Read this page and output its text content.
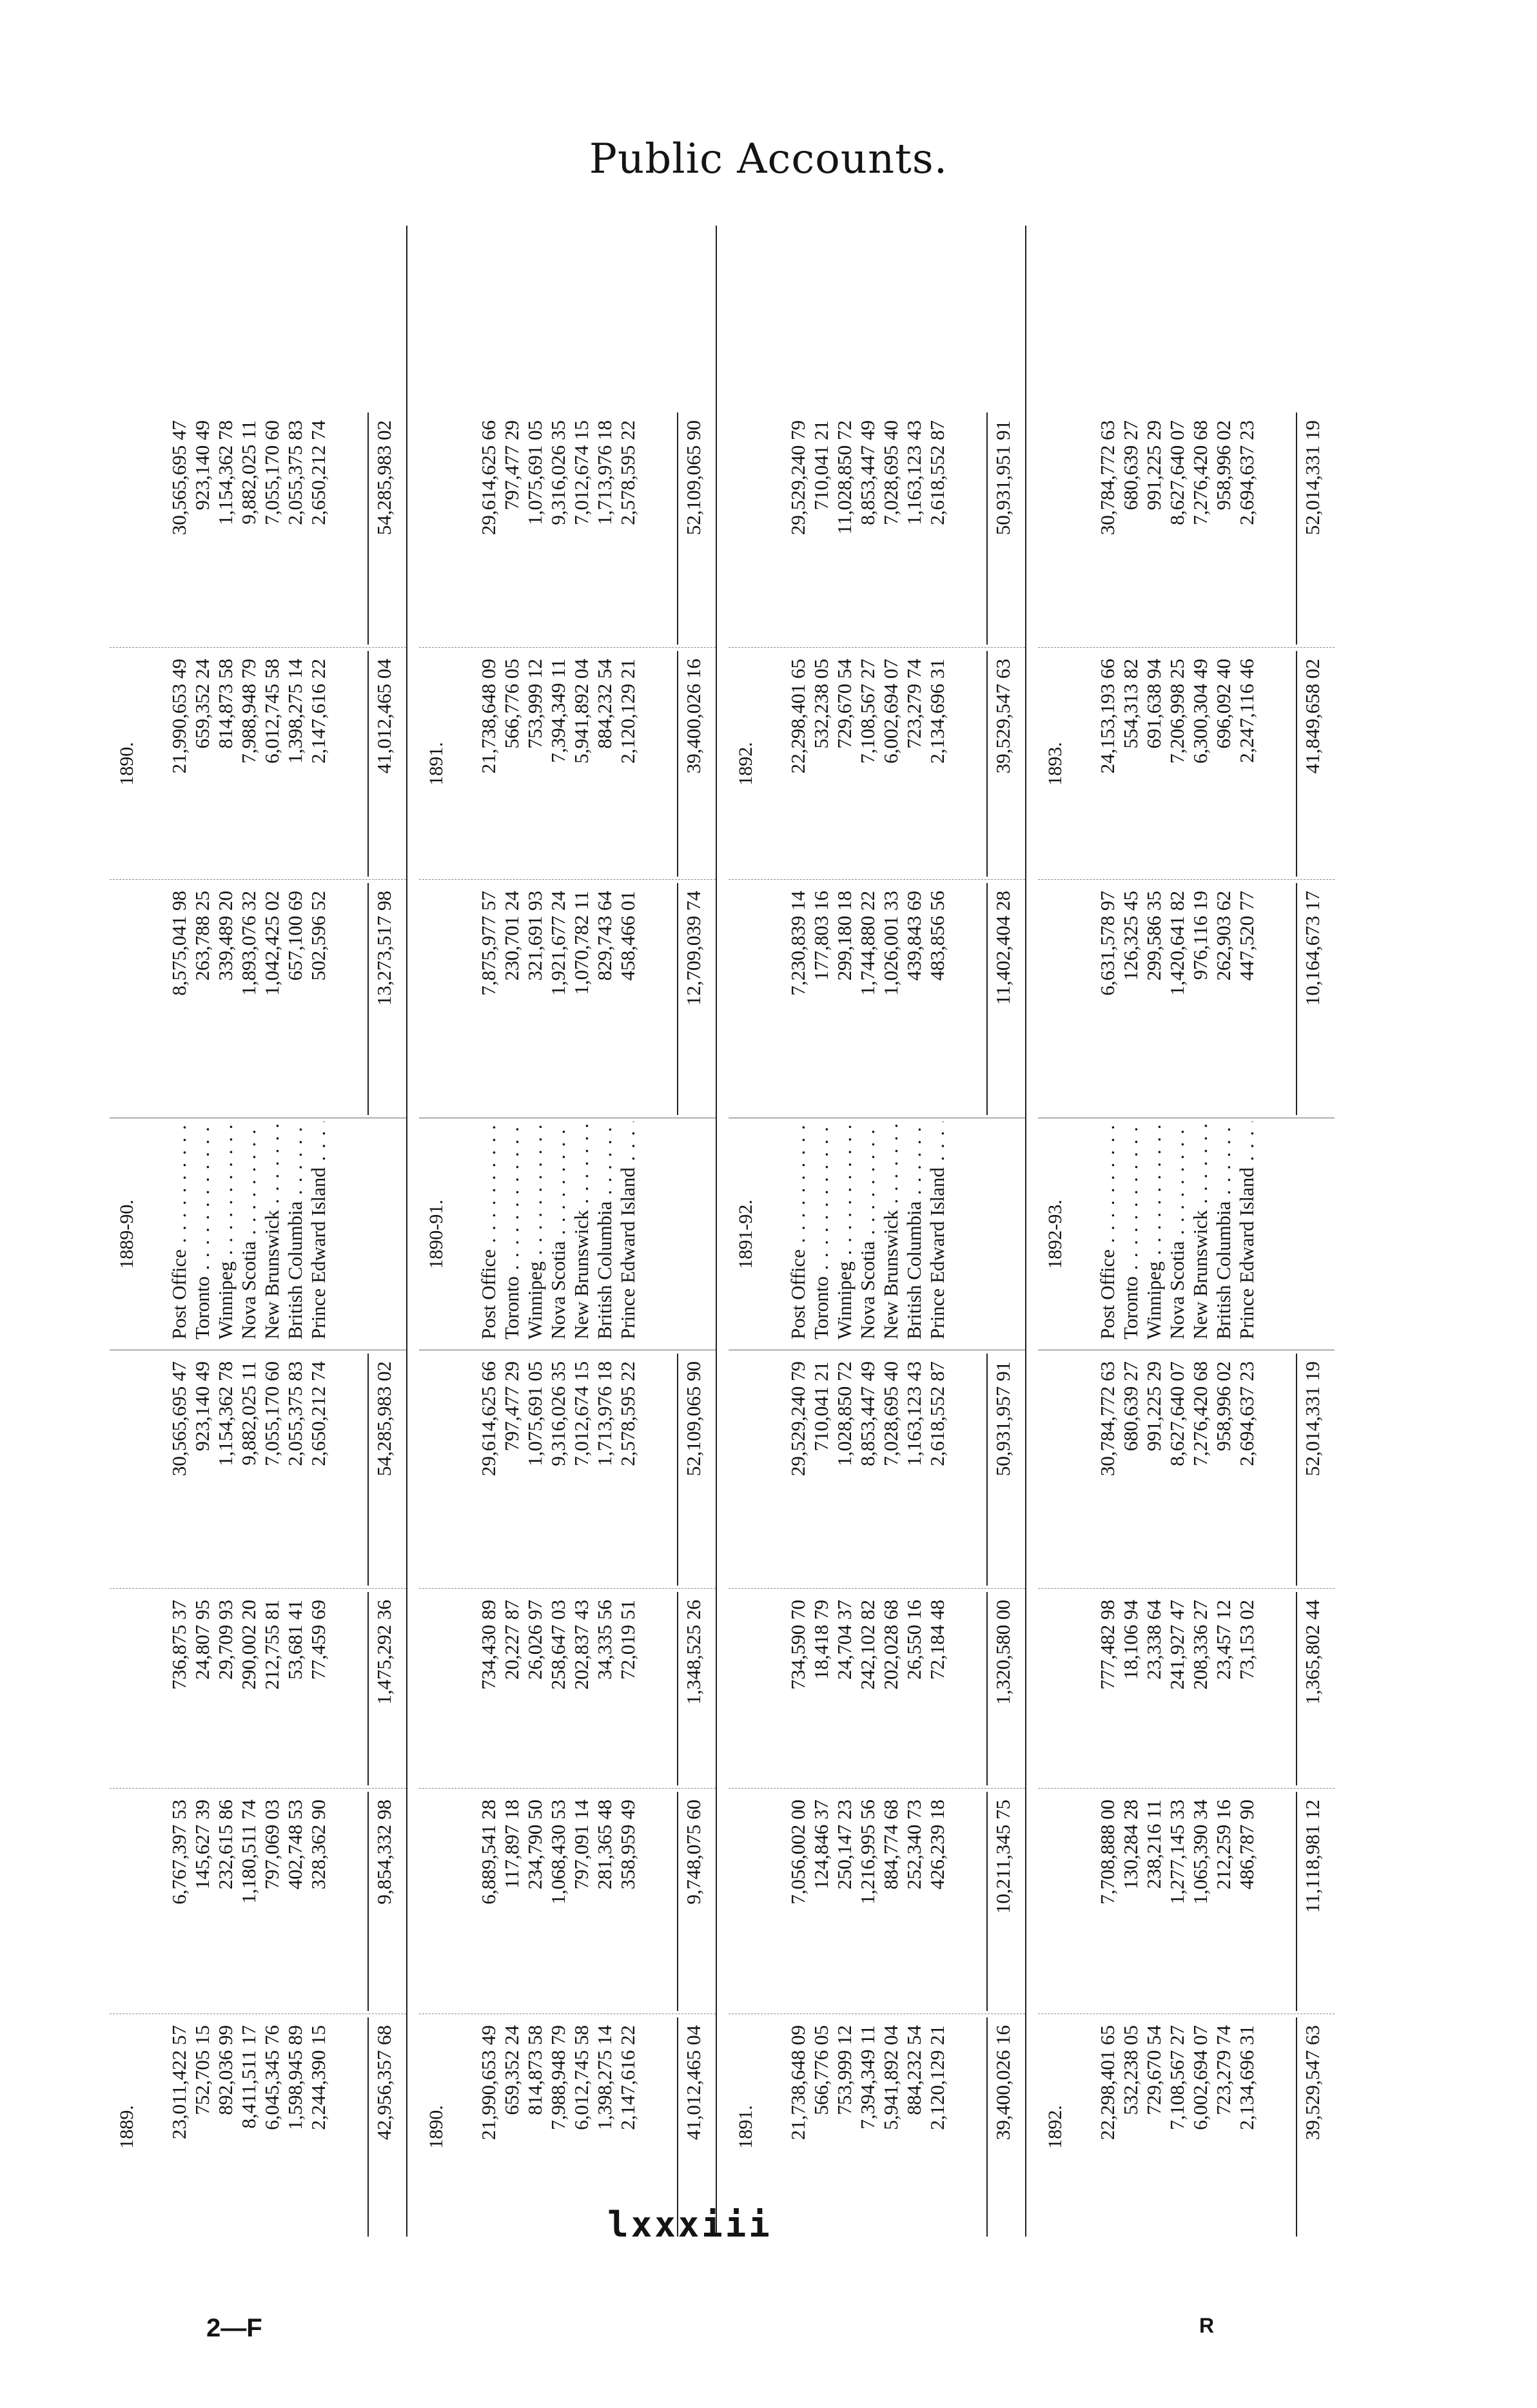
Public Accounts.
1889. 23,011,422 57 752,705 15 892,036 99 8,411,511 17 6,045,345 76 1,598,945 89 2,244,390 15 42,956,357 68
6,767,397 53 145,627 39 232,615 86 1,180,511 74 797,069 03 402,748 53 328,362 90 9,854,332 98
736,875 37 24,807 95 29,709 93 290,002 20 212,755 81 53,681 41 77,459 69 1,475,292 36
30,565,695 47 923,140 49 1,154,362 78 9,882,025 11 7,055,170 60 2,055,375 83 2,650,212 74 54,285,983 02
1889-90.
Post Office . . . Toronto . . . Winnipeg . . . Nova Scotia . . . New Brunswick . . . British Columbia . . . Prince Edward Island . . .
8,575,041 98 263,788 25 339,489 20 1,893,076 32 1,042,425 02 657,100 69 502,596 52 13,273,517 98
1890. 21,990,653 49 659,352 24 814,873 58 7,988,948 79 6,012,745 58 1,398,275 14 2,147,616 22 41,012,465 04
30,565,695 47 923,140 49 1,154,362 78 9,882,025 11 7,055,170 60 2,055,375 83 2,650,212 74 54,285,983 02
1890. 21,990,653 49 659,352 24 814,873 58 7,988,948 79 6,012,745 58 1,398,275 14 2,147,616 22 41,012,465 04
6,889,541 28 117,897 18 234,790 50 1,068,430 53 797,091 14 281,365 48 358,959 49 9,748,075 60
734,430 89 20,227 87 26,026 97 258,647 03 202,837 43 34,335 56 72,019 51 1,348,525 26
29,614,625 66 797,477 29 1,075,691 05 9,316,026 35 7,012,674 15 1,713,976 18 2,578,595 22 52,109,065 90
1890-91.
Post Office . . . Toronto . . . Winnipeg . . . Nova Scotia . . . New Brunswick . . . British Columbia . . . Prince Edward Island . . .
7,875,977 57 230,701 24 321,691 93 1,921,677 24 1,070,782 11 829,743 64 458,466 01 12,709,039 74
1891. 21,738,648 09 566,776 05 753,999 12 7,394,349 11 5,941,892 04 884,232 54 2,120,129 21 39,400,026 16
29,614,625 66 797,477 29 1,075,691 05 9,316,026 35 7,012,674 15 1,713,976 18 2,578,595 22 52,109,065 90
1891. 21,738,648 09 566,776 05 753,999 12 7,394,349 11 5,941,892 04 884,232 54 2,120,129 21 39,400,026 16
7,056,002 00 124,846 37 250,147 23 1,216,995 56 884,774 68 252,340 73 426,239 18 10,211,345 75
734,590 70 18,418 79 24,704 37 242,102 82 202,028 68 26,550 16 72,184 48 1,320,580 00
29,529,240 79 710,041 21 1,028,850 72 8,853,447 49 7,028,695 40 1,163,123 43 2,618,552 87 50,931,957 91
1891-92.
Post Office . . . Toronto . . . Winnipeg . . . Nova Scotia . . . New Brunswick . . . British Columbia . . . Prince Edward Island . . .
7,230,839 14 177,803 16 299,180 18 1,744,880 22 1,026,001 33 439,843 69 483,856 56 11,402,404 28
1892. 22,298,401 65 532,238 05 729,670 54 7,108,567 27 6,002,694 07 723,279 74 2,134,696 31 39,529,547 63
29,529,240 79 710,041 21 11,028,850 72 8,853,447 49 7,028,695 40 1,163,123 43 2,618,552 87 50,931,951 91
1892. 22,298,401 65 532,238 05 729,670 54 7,108,567 27 6,002,694 07 723,279 74 2,134,696 31 39,529,547 63
7,708,888 00 130,284 28 238,216 11 1,277,145 33 1,065,390 34 212,259 16 486,787 90 11,118,981 12
777,482 98 18,106 94 23,338 64 241,927 47 208,336 27 23,457 12 73,153 02 1,365,802 44
30,784,772 63 680,639 27 991,225 29 8,627,640 07 7,276,420 68 958,996 02 2,694,637 23 52,014,331 19
1892-93.
Post Office . . . Toronto . . . Winnipeg . . . Nova Scotia . . . New Brunswick . . . British Columbia . . . Prince Edward Island . . .
6,631,578 97 126,325 45 299,586 35 1,420,641 82 976,116 19 262,903 62 447,520 77 10,164,673 17
1893. 24,153,193 66 554,313 82 691,638 94 7,206,998 25 6,300,304 49 696,092 40 2,247,116 46 41,849,658 02
30,784,772 63 680,639 27 991,225 29 8,627,640 07 7,276,420 68 958,996 02 2,694,637 23 52,014,331 19
lxxxiii
2—F	R
